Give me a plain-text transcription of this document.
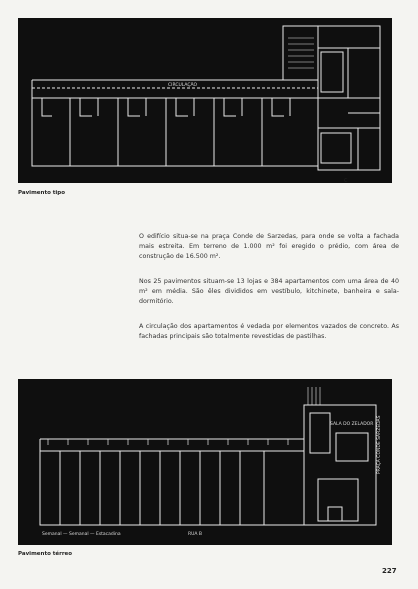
CIRCULAÇÃO
C
Pavimento tipo

O edifício situa-se na praça Conde de Sarzedas, para onde se volta a fachada mais estreita. Em terreno de 1.000 m² foi eregido o prédio, com área de construção de 16.500 m².

Nos 25 pavimentos situam-se 13 lojas e 384 apartamentos com uma área de 40 m² em média. São êles divididos em vestíbulo, kitchinete, banheira e sala-dormitório.

A circulação dos apartamentos é vedada por elementos vazados de concreto. As fachadas principais são totalmente revestidas de pastilhas.

SALA DO ZELADOR PRAÇA CONDE SARZEDAS
Semanal — Semanal — Estacadina	RUA B
Pavimento térreo
227
